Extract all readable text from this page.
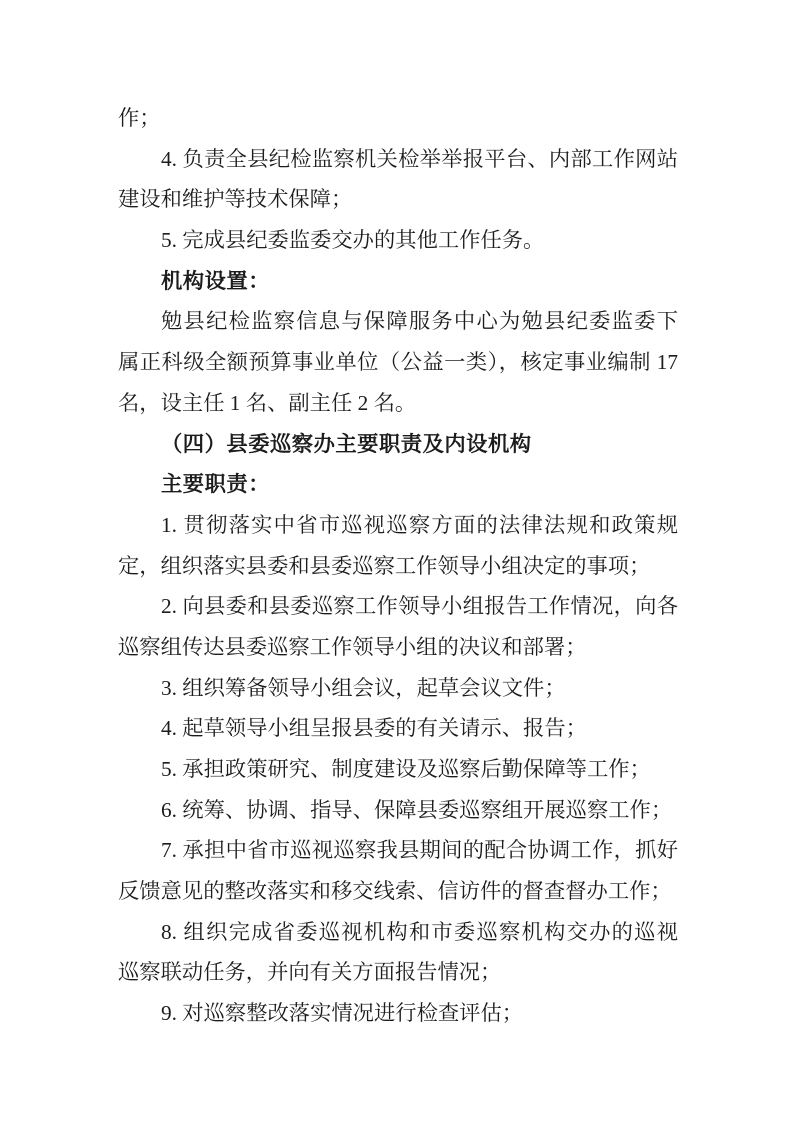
作；
4. 负责全县纪检监察机关检举举报平台、内部工作网站
建设和维护等技术保障；
5. 完成县纪委监委交办的其他工作任务。
机构设置：
勉县纪检监察信息与保障服务中心为勉县纪委监委下
属正科级全额预算事业单位（公益一类），核定事业编制 17
名，设主任 1 名、副主任 2 名。
（四）县委巡察办主要职责及内设机构
主要职责：
1. 贯彻落实中省市巡视巡察方面的法律法规和政策规
定，组织落实县委和县委巡察工作领导小组决定的事项；
2. 向县委和县委巡察工作领导小组报告工作情况，向各
巡察组传达县委巡察工作领导小组的决议和部署；
3. 组织筹备领导小组会议，起草会议文件；
4. 起草领导小组呈报县委的有关请示、报告；
5. 承担政策研究、制度建设及巡察后勤保障等工作；
6. 统筹、协调、指导、保障县委巡察组开展巡察工作；
7. 承担中省市巡视巡察我县期间的配合协调工作，抓好
反馈意见的整改落实和移交线索、信访件的督查督办工作；
8. 组织完成省委巡视机构和市委巡察机构交办的巡视
巡察联动任务，并向有关方面报告情况；
9. 对巡察整改落实情况进行检查评估；
